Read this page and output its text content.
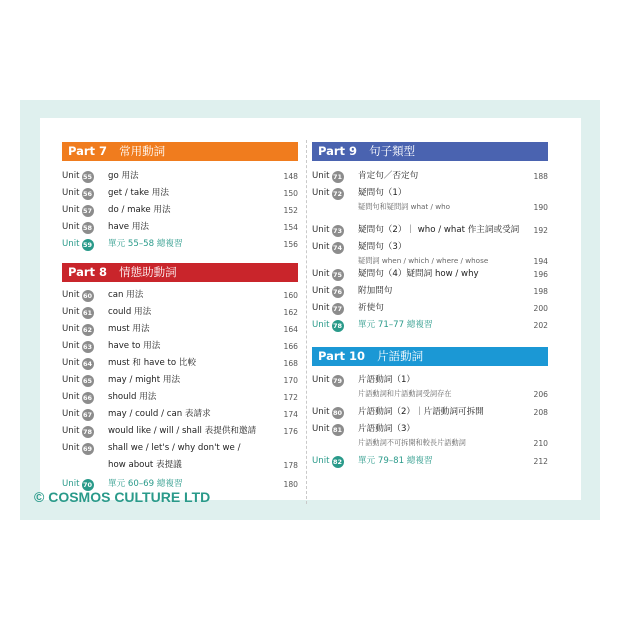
Part 7 常用動詞
Part 8 情態助動詞
Unit 55 go 用法	148
Unit 56 get / take 用法	150
Unit 57 do / make 用法	152
Unit 58 have 用法	154
Unit 59 單元 55–58 總複習	156
Unit 60 can 用法	160
Unit 61 could 用法	162
Unit 62 must 用法	164
Unit 63 have to 用法	166
Unit 64 must 和 have to 比較	168
Unit 65 may / might 用法	170
Unit 66 should 用法	172
Unit 67 may / could / can 表請求	174
Unit 78 would like / will / shall 表提供和邀請	176
Unit 69 shall we / let's / why don't we /
how about 表提議	178
Unit 70 單元 60–69 總複習	180
Part 9 句子類型
Part 10 片語動詞
Unit 71 肯定句／否定句	188
Unit 72 疑問句（1）
疑問句和疑問詞 what / who	190
Unit 73 疑問句（2）｜ who / what 作主詞或受詞 192
Unit 74 疑問句（3）
疑問詞 when / which / where / whose	194
Unit 75 疑問句（4）疑問詞 how / why	196
Unit 76 附加問句	198
Unit 77 祈使句	200
Unit 78 單元 71–77 總複習	202
Unit 79 片語動詞（1）
片語動詞和片語動詞受詞存在	206
Unit 80 片語動詞（2）｜片語動詞可拆開	208
Unit 81 片語動詞（3）
片語動詞不可拆開和較長片語動詞	210
Unit 82 單元 79–81 總複習	212
© COSMOS CULTURE LTD
